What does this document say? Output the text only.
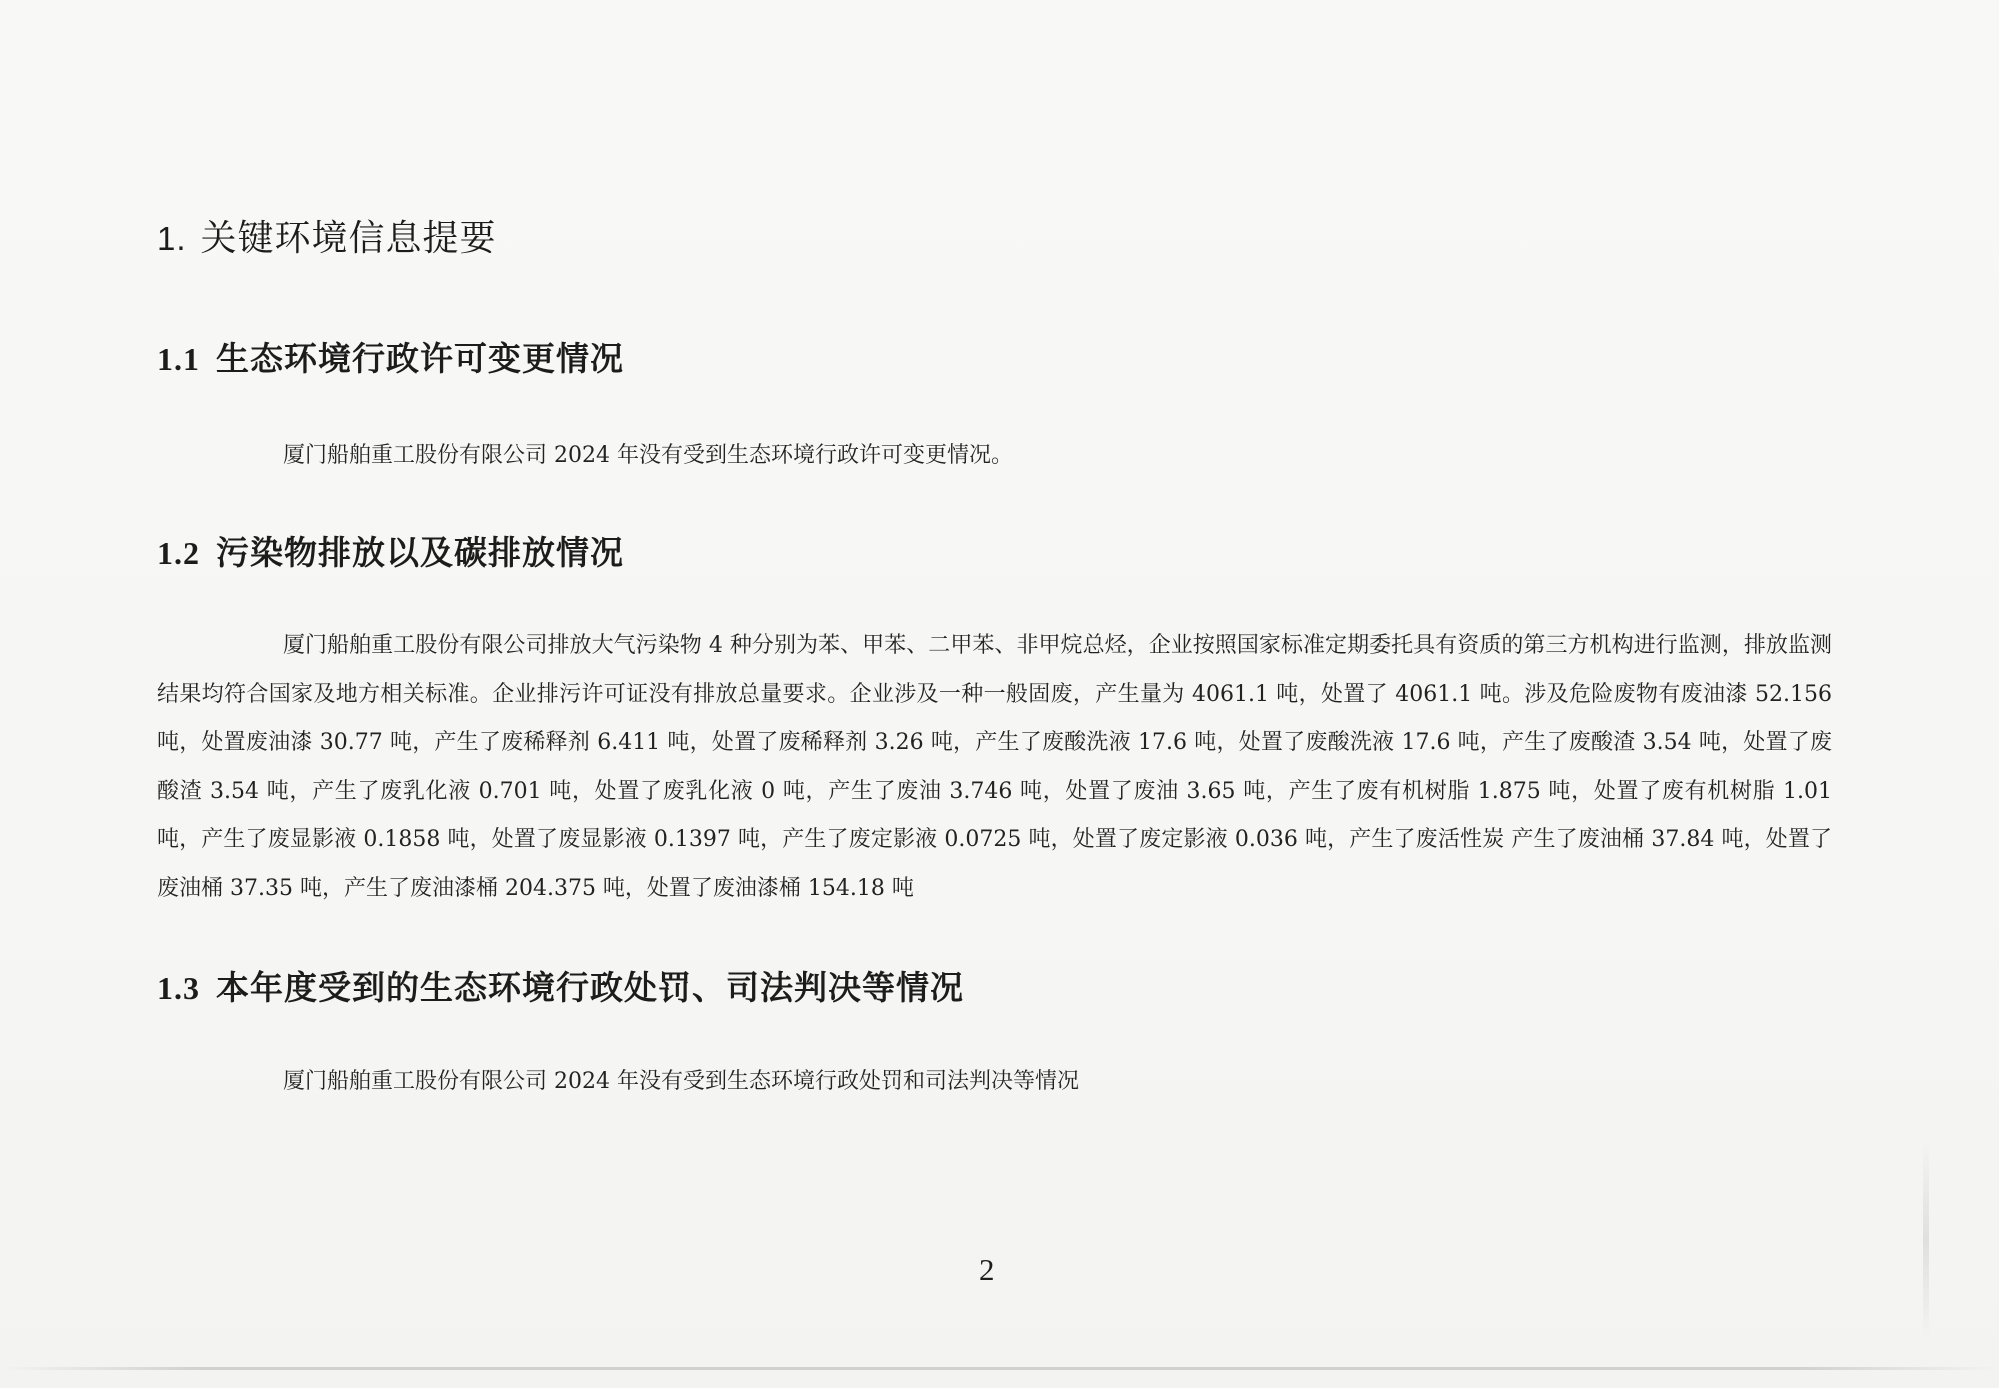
1. 关键环境信息提要
1.1 生态环境行政许可变更情况

厦门船舶重工股份有限公司 2024 年没有受到生态环境行政许可变更情况。

1.2 污染物排放以及碳排放情况

厦门船舶重工股份有限公司排放大气污染物 4 种分别为苯、甲苯、二甲苯、非甲烷总烃，企业按照国家标准定期委托具有资质的第三方机构进行监测，排放监测结果均符合国家及地方相关标准。企业排污许可证没有排放总量要求。企业涉及一种一般固废，产生量为 4061.1 吨，处置了 4061.1 吨。涉及危险废物有废油漆 52.156 吨，处置废油漆 30.77 吨，产生了废稀释剂 6.411 吨，处置了废稀释剂 3.26 吨，产生了废酸洗液 17.6 吨，处置了废酸洗液 17.6 吨，产生了废酸渣 3.54 吨，处置了废酸渣 3.54 吨，产生了废乳化液 0.701 吨，处置了废乳化液 0 吨，产生了废油 3.746 吨，处置了废油 3.65 吨，产生了废有机树脂 1.875 吨，处置了废有机树脂 1.01 吨，产生了废显影液 0.1858 吨，处置了废显影液 0.1397 吨，产生了废定影液 0.0725 吨，处置了废定影液 0.036 吨，产生了废活性炭 产生了废油桶 37.84 吨，处置了废油桶 37.35 吨，产生了废油漆桶 204.375 吨，处置了废油漆桶 154.18 吨

1.3 本年度受到的生态环境行政处罚、司法判决等情况

厦门船舶重工股份有限公司 2024 年没有受到生态环境行政处罚和司法判决等情况

2
